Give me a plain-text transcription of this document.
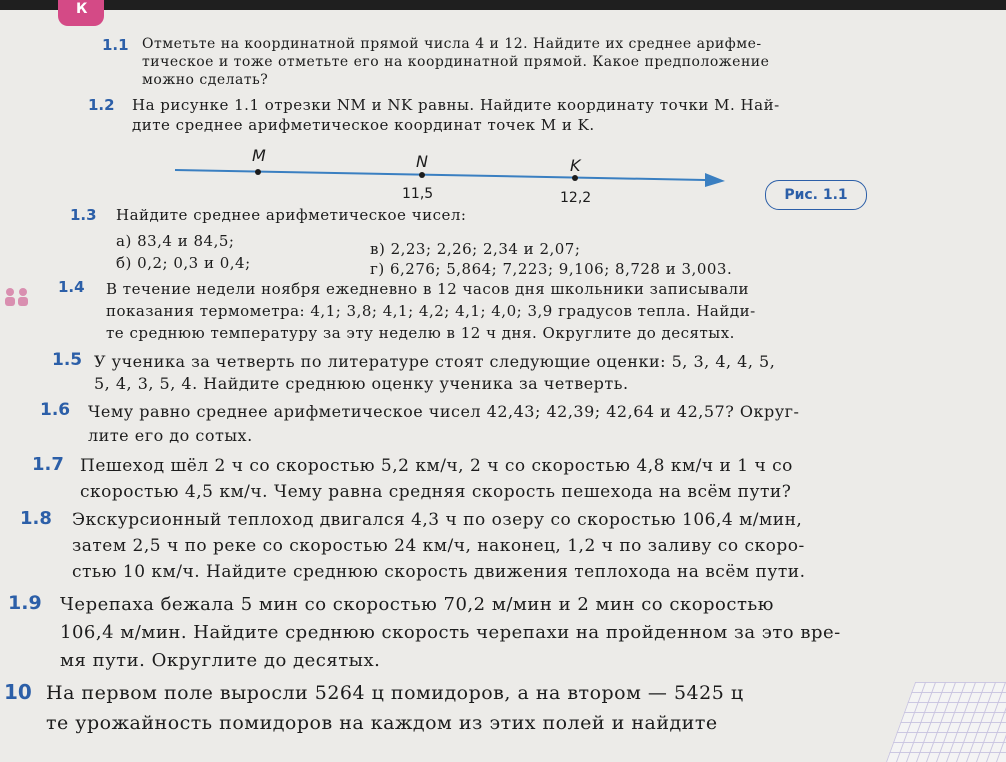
К
1.1 Отметьте на координатной прямой числа 4 и 12. Найдите их среднее арифме-
тическое и тоже отметьте его на координатной прямой. Какое предположение
можно сделать?
1.2 На рисунке 1.1 отрезки NM и NK равны. Найдите координату точки M. Най-
дите среднее арифметическое координат точек M и K.
M	N	K
11,5	12,2	Рис. 1.1
1.3 Найдите среднее арифметическое чисел:
а) 83,4 и 84,5;
б) 0,2; 0,3 и 0,4;
в) 2,23; 2,26; 2,34 и 2,07;
г) 6,276; 5,864; 7,223; 9,106; 8,728 и 3,003.
1.4 В течение недели ноября ежедневно в 12 часов дня школьники записывали
показания термометра: 4,1; 3,8; 4,1; 4,2; 4,1; 4,0; 3,9 градусов тепла. Найди-
те среднюю температуру за эту неделю в 12 ч дня. Округлите до десятых.
1.5 У ученика за четверть по литературе стоят следующие оценки: 5, 3, 4, 4, 5,
5, 4, 3, 5, 4. Найдите среднюю оценку ученика за четверть.
1.6 Чему равно среднее арифметическое чисел 42,43; 42,39; 42,64 и 42,57? Округ-
лите его до сотых.
1.7 Пешеход шёл 2 ч со скоростью 5,2 км/ч, 2 ч со скоростью 4,8 км/ч и 1 ч со
скоростью 4,5 км/ч. Чему равна средняя скорость пешехода на всём пути?
1.8 Экскурсионный теплоход двигался 4,3 ч по озеру со скоростью 106,4 м/мин,
затем 2,5 ч по реке со скоростью 24 км/ч, наконец, 1,2 ч по заливу со скоро-
стью 10 км/ч. Найдите среднюю скорость движения теплохода на всём пути.
1.9 Черепаха бежала 5 мин со скоростью 70,2 м/мин и 2 мин со скоростью
106,4 м/мин. Найдите среднюю скорость черепахи на пройденном за это вре-
мя пути. Округлите до десятых.
10 На первом поле выросли 5264 ц помидоров, а на втором — 5425 ц
те урожайность помидоров на каждом из этих полей и найдите
